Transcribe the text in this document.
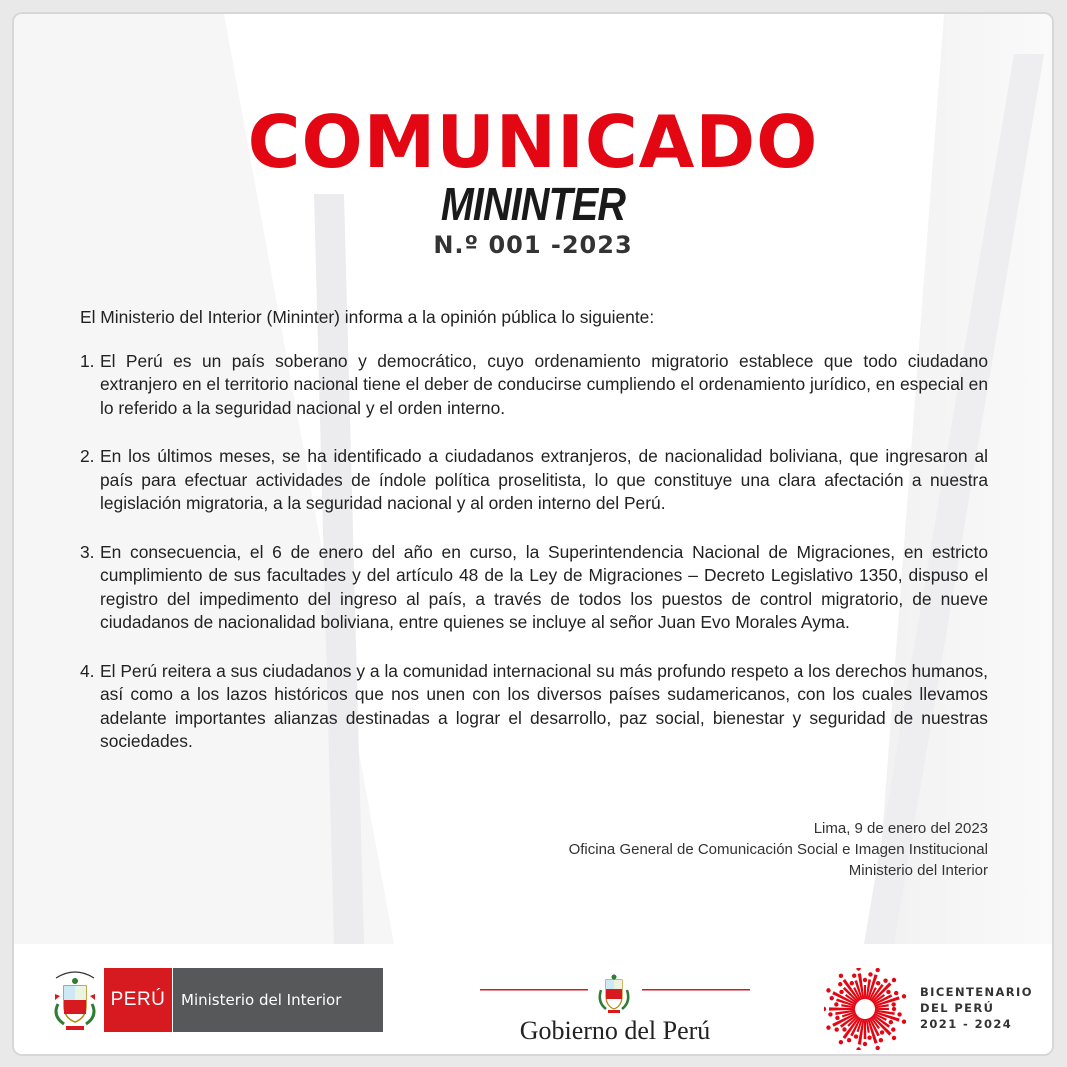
COMUNICADO
MININTER
N.º 001 -2023

El Ministerio del Interior (Mininter) informa a la opinión pública lo siguiente:

1. El Perú es un país soberano y democrático, cuyo ordenamiento migratorio establece que todo ciudadano extranjero en el territorio nacional tiene el deber de conducirse cumpliendo el ordenamiento jurídico, en especial en lo referido a la seguridad nacional y el orden interno.
2. En los últimos meses, se ha identificado a ciudadanos extranjeros, de nacionalidad boliviana, que ingresaron al país para efectuar actividades de índole política proselitista, lo que constituye una clara afectación a nuestra legislación migratoria, a la seguridad nacional y al orden interno del Perú.
3. En consecuencia, el 6 de enero del año en curso, la Superintendencia Nacional de Migraciones, en estricto cumplimiento de sus facultades y del artículo 48 de la Ley de Migraciones – Decreto Legislativo 1350, dispuso el registro del impedimento del ingreso al país, a través de todos los puestos de control migratorio, de nueve ciudadanos de nacionalidad boliviana, entre quienes se incluye al señor Juan Evo Morales Ayma.
4. El Perú reitera a sus ciudadanos y a la comunidad internacional su más profundo respeto a los derechos humanos, así como a los lazos históricos que nos unen con los diversos países sudamericanos, con los cuales llevamos adelante importantes alianzas destinadas a lograr el desarrollo, paz social, bienestar y seguridad de nuestras sociedades.
Lima, 9 de enero del 2023
Oficina General de Comunicación Social e Imagen Institucional
Ministerio del Interior
PERÚ	Ministerio del Interior
Gobierno del Perú
BICENTENARIO
DEL PERÚ
2021 - 2024
